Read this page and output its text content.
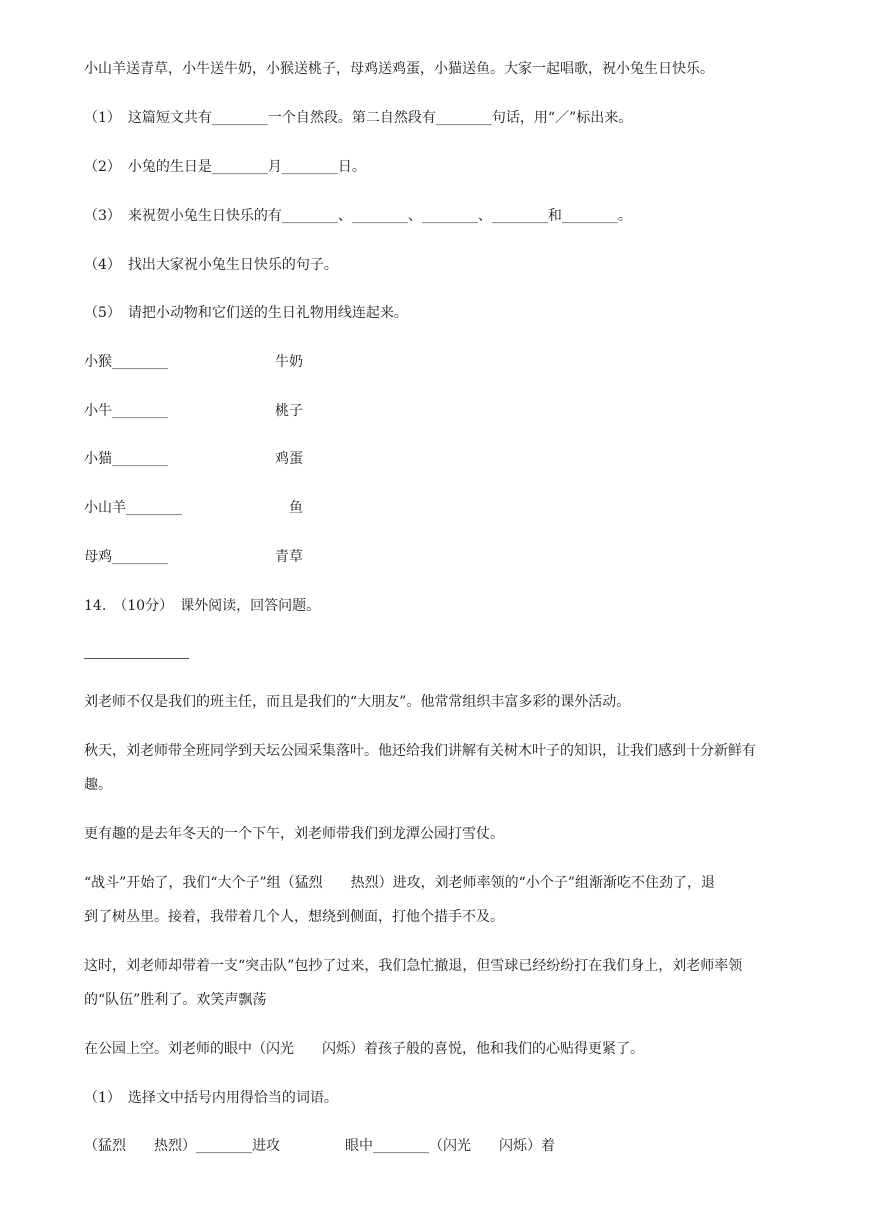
小山羊送青草，小牛送牛奶，小猴送桃子，母鸡送鸡蛋，小猫送鱼。大家一起唱歌，祝小兔生日快乐。
（1）　这篇短文共有________一个自然段。第二自然段有________句话，用“／”标出来。
（2）　小兔的生日是________月________日。
（3）　来祝贺小兔生日快乐的有________、________、________、________和________。
（4）　找出大家祝小兔生日快乐的句子。
（5）　请把小动物和它们送的生日礼物用线连起来。
小猴________	牛奶
小牛________	桃子
小猫________	鸡蛋
小山羊________	鱼
母鸡________	青草
14.　（10分）　课外阅读，回答问题。
刘老师不仅是我们的班主任，而且是我们的“大朋友”。他常常组织丰富多彩的课外活动。
秋天，刘老师带全班同学到天坛公园采集落叶。他还给我们讲解有关树木叶子的知识，让我们感到十分新鲜有
趣。
更有趣的是去年冬天的一个下午，刘老师带我们到龙潭公园打雪仗。
“战斗”开始了，我们“大个子”组（猛烈　　热烈）进攻，刘老师率领的“小个子”组渐渐吃不住劲了，退
到了树丛里。接着，我带着几个人，想绕到侧面，打他个措手不及。
这时，刘老师却带着一支“突击队”包抄了过来，我们急忙撤退，但雪球已经纷纷打在我们身上，刘老师率领
的“队伍”胜利了。欢笑声飘荡
在公园上空。刘老师的眼中（闪光　　闪烁）着孩子般的喜悦，他和我们的心贴得更紧了。
（1）　选择文中括号内用得恰当的词语。
（猛烈　　热烈）________进攻	眼中________（闪光　　闪烁）着
